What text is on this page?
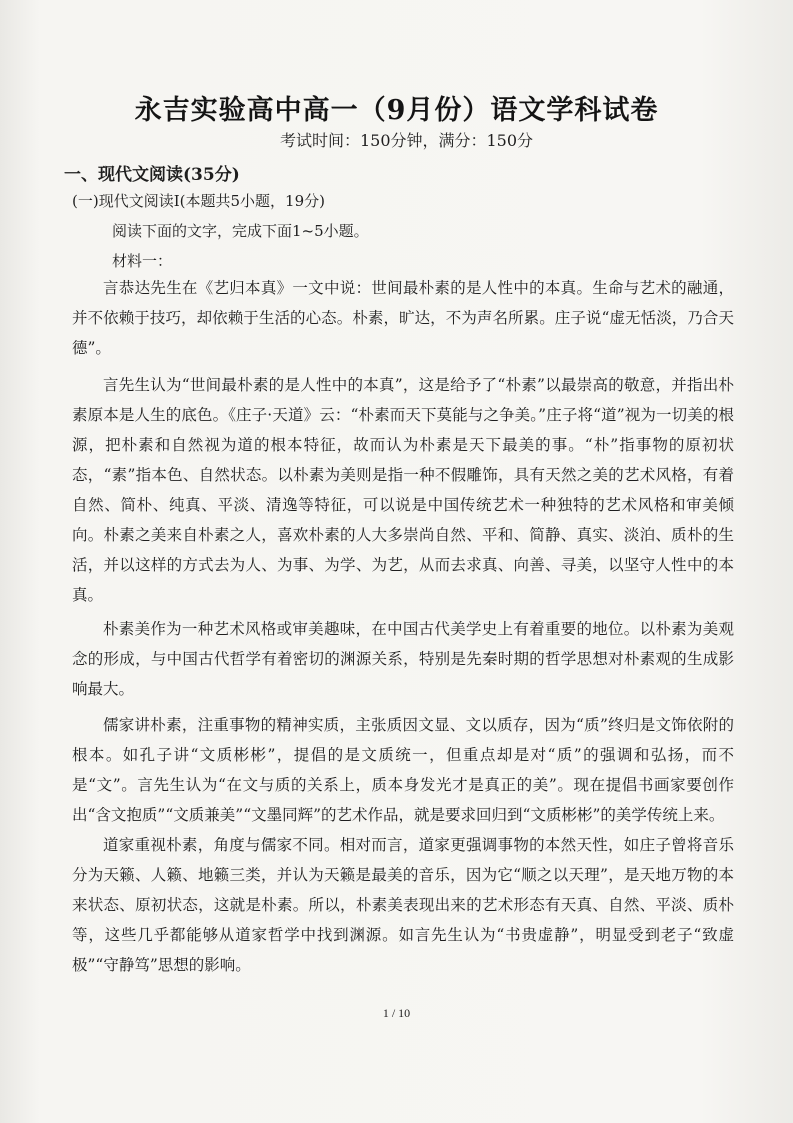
永吉实验高中高一（9月份）语文学科试卷
考试时间：150分钟，满分：150分
一、现代文阅读(35分)
(一)现代文阅读Ⅰ(本题共5小题，19分)
阅读下面的文字，完成下面1~5小题。
材料一：

言恭达先生在《艺归本真》一文中说：世间最朴素的是人性中的本真。生命与艺术的融通，并不依赖于技巧，却依赖于生活的心态。朴素，旷达，不为声名所累。庄子说“虚无恬淡，乃合天德”。

言先生认为“世间最朴素的是人性中的本真”，这是给予了“朴素”以最崇高的敬意，并指出朴素原本是人生的底色。《庄子·天道》云：“朴素而天下莫能与之争美。”庄子将“道”视为一切美的根源，把朴素和自然视为道的根本特征，故而认为朴素是天下最美的事。“朴”指事物的原初状态，“素”指本色、自然状态。以朴素为美则是指一种不假雕饰，具有天然之美的艺术风格，有着自然、简朴、纯真、平淡、清逸等特征，可以说是中国传统艺术一种独特的艺术风格和审美倾向。朴素之美来自朴素之人，喜欢朴素的人大多崇尚自然、平和、简静、真实、淡泊、质朴的生活，并以这样的方式去为人、为事、为学、为艺，从而去求真、向善、寻美，以坚守人性中的本真。

朴素美作为一种艺术风格或审美趣味，在中国古代美学史上有着重要的地位。以朴素为美观念的形成，与中国古代哲学有着密切的渊源关系，特别是先秦时期的哲学思想对朴素观的生成影响最大。

儒家讲朴素，注重事物的精神实质，主张质因文显、文以质存，因为“质”终归是文饰依附的根本。如孔子讲“文质彬彬”，提倡的是文质统一，但重点却是对“质”的强调和弘扬，而不是“文”。言先生认为“在文与质的关系上，质本身发光才是真正的美”。现在提倡书画家要创作出“含文抱质”“文质兼美”“文墨同辉”的艺术作品，就是要求回归到“文质彬彬”的美学传统上来。

道家重视朴素，角度与儒家不同。相对而言，道家更强调事物的本然天性，如庄子曾将音乐分为天籁、人籁、地籁三类，并认为天籁是最美的音乐，因为它“顺之以天理”，是天地万物的本来状态、原初状态，这就是朴素。所以，朴素美表现出来的艺术形态有天真、自然、平淡、质朴等，这些几乎都能够从道家哲学中找到渊源。如言先生认为“书贵虚静”，明显受到老子“致虚极”“守静笃”思想的影响。

1 / 10
